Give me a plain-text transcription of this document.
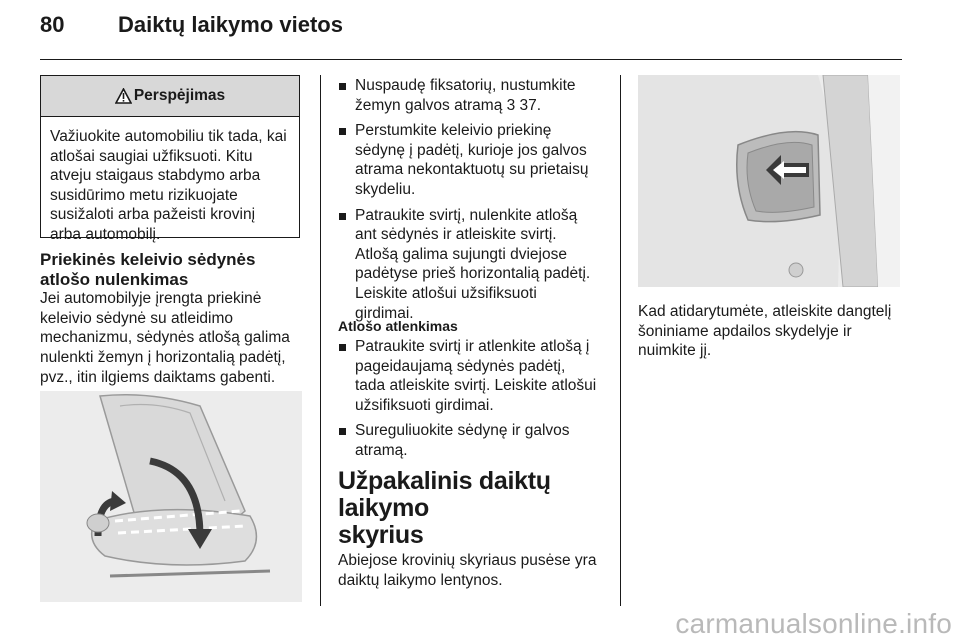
80 Daiktų laikymo vietos
Perspėjimas
Važiuokite automobiliu tik tada, kai
atlošai saugiai užfiksuoti. Kitu
atveju staigaus stabdymo arba
susidūrimo metu rizikuojate
susižaloti arba pažeisti krovinį
arba automobilį.
Priekinės keleivio sėdynės
atlošo nulenkimas
Jei automobilyje įrengta priekinė
keleivio sėdynė su atleidimo
mechanizmu, sėdynės atlošą galima
nulenkti žemyn į horizontalią padėtį,
pvz., itin ilgiems daiktams gabenti.
Nuspaudę fiksatorių, nustumkite
žemyn galvos atramą 3 37.
Perstumkite keleivio priekinę
sėdynę į padėtį, kurioje jos galvos
atrama nekontaktuotų su prietaisų
skydeliu.
Patraukite svirtį, nulenkite atlošą
ant sėdynės ir atleiskite svirtį.
Atlošą galima sujungti dviejose
padėtyse prieš horizontalią padėtį.
Leiskite atlošui užsifiksuoti
girdimai.
Atlošo atlenkimas
Patraukite svirtį ir atlenkite atlošą į
pageidaujamą sėdynės padėtį,
tada atleiskite svirtį. Leiskite atlošui
užsifiksuoti girdimai.
Sureguliuokite sėdynę ir galvos
atramą.
Užpakalinis daiktų laikymo
skyrius
Abiejose krovinių skyriaus pusėse yra
daiktų laikymo lentynos.
Kad atidarytumėte, atleiskite dangtelį
šoniniame apdailos skydelyje ir
nuimkite jį.
carmanualsonline.info
